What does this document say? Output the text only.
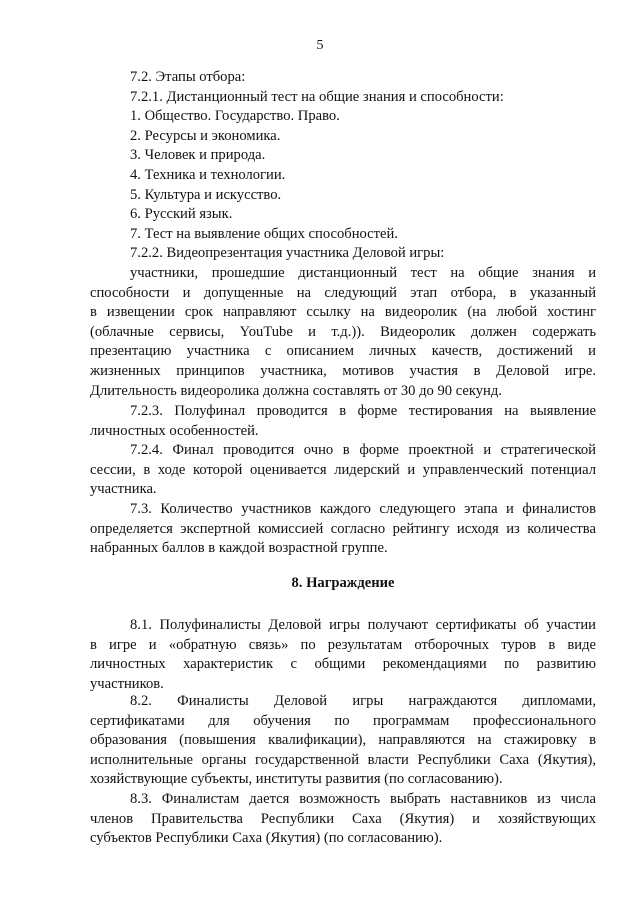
5
7.2. Этапы отбора:
7.2.1. Дистанционный тест на общие знания и способности:
1. Общество. Государство. Право.
2. Ресурсы и экономика.
3. Человек и природа.
4. Техника и технологии.
5. Культура и искусство.
6. Русский язык.
7. Тест на выявление общих способностей.
7.2.2. Видеопрезентация участника Деловой игры:
участники, прошедшие дистанционный тест на общие знания и
способности и допущенные на следующий этап отбора, в указанный
в извещении срок направляют ссылку на видеоролик (на любой хостинг
(облачные сервисы, YouTube и т.д.)). Видеоролик должен содержать
презентацию участника с описанием личных качеств, достижений и
жизненных принципов участника, мотивов участия в Деловой игре.
Длительность видеоролика должна составлять от 30 до 90 секунд.
7.2.3. Полуфинал проводится в форме тестирования на выявление
личностных особенностей.
7.2.4. Финал проводится очно в форме проектной и стратегической
сессии, в ходе которой оценивается лидерский и управленческий потенциал
участника.
7.3. Количество участников каждого следующего этапа и финалистов
определяется экспертной комиссией согласно рейтингу исходя из количества
набранных баллов в каждой возрастной группе.
8. Награждение
8.1. Полуфиналисты Деловой игры получают сертификаты об участии
в игре и «обратную связь» по результатам отборочных туров в виде
личностных характеристик с общими рекомендациями по развитию
участников.
8.2. Финалисты Деловой игры награждаются дипломами,
сертификатами для обучения по программам профессионального
образования (повышения квалификации), направляются на стажировку в
исполнительные органы государственной власти Республики Саха (Якутия),
хозяйствующие субъекты, институты развития (по согласованию).
8.3. Финалистам дается возможность выбрать наставников из числа
членов Правительства Республики Саха (Якутия) и хозяйствующих
субъектов Республики Саха (Якутия) (по согласованию).
